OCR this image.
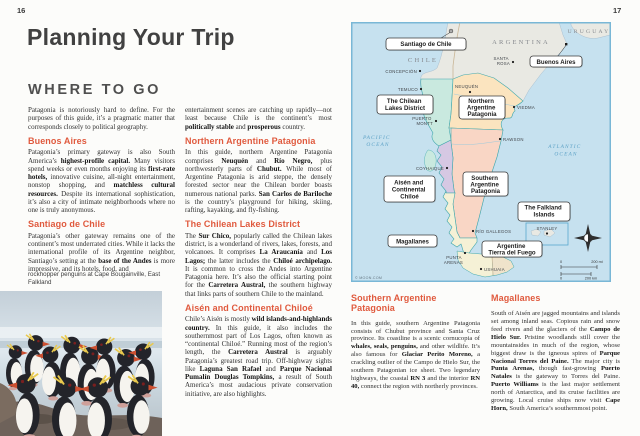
16	17
Planning Your Trip
WHERE TO GO

Patagonia is notoriously hard to define. For the purposes of this guide, it’s a pragmatic matter that corresponds closely to political geography.

Buenos Aires

Patagonia’s primary gateway is also South America’s highest-profile capital. Many visitors spend weeks or even months enjoying its first-rate hotels, innovative cuisine, all-night entertainment, nonstop shopping, and matchless cultural resources. Despite its international sophistication, it’s also a city of intimate neighborhoods where no one is truly anonymous.

Santiago de Chile

Patagonia’s other gateway remains one of the continent’s most underrated cities. While it lacks the international profile of its Argentine neighbor, Santiago’s setting at the base of the Andes is more impressive, and its hotels, food, and

entertainment scenes are catching up rapidly—not least because Chile is the continent’s most politically stable and prosperous country.

Northern Argentine Patagonia

In this guide, northern Argentine Patagonia comprises Neuquén and Río Negro, plus northwesterly parts of Chubut. While most of Argentine Patagonia is arid steppe, the densely forested sector near the Chilean border boasts numerous national parks. San Carlos de Bariloche is the country’s playground for hiking, skiing, rafting, kayaking, and fly-fishing.

The Chilean Lakes District

The Sur Chico, popularly called the Chilean lakes district, is a wonderland of rivers, lakes, forests, and volcanoes. It comprises La Araucanía and Los Lagos; the latter includes the Chiloé archipelago. It is common to cross the Andes into Argentine Patagonia here. It’s also the official starting point for the Carretera Austral, the southern highway that links parts of southern Chile to the mainland.

Aisén and Continental Chiloé

Chile’s Aisén is mostly wild islands-and-highlands country. In this guide, it also includes the southernmost part of Los Lagos, often known as “continental Chiloé.” Running most of the region’s length, the Carretera Austral is arguably Patagonia’s greatest road trip. Off-highway sights like Laguna San Rafael and Parque Nacional Pumalín Douglas Tompkins, a result of South America’s most audacious private conservation initiative, are also highlights.

rockhopper penguins at Cape Bougainville, East Falkland
CONCEPCIÓN
TEMUCO
NEUQUÉN
SANTA ROSA
VIEDMA
PUERTO MONTT
RAWSON
COYHAIQUE
RÍO GALLEGOS
PUNTA ARENAS
USHUAIA
STANLEY
CHILE
ARGENTINA
URUGUAY
PACIFIC OCEAN	ATLANTIC OCEAN
Santiago de Chile
Buenos Aires
The Chilean Lakes District
Northern Argentine Patagonia
Aisén and Continental Chiloé
Southern Argentine Patagonia
Magallanes
The Falkland Islands
Argentine Tierra del Fuego
0	200 mi
0	200 km
© MOON.COM
Southern Argentine Patagonia

In this guide, southern Argentine Patagonia consists of Chubut province and Santa Cruz province. Its coastline is a scenic cornucopia of whales, seals, penguins, and other wildlife. It’s also famous for Glaciar Perito Moreno, a crackling outlier of the Campo de Hielo Sur, the southern Patagonian ice sheet. Two legendary highways, the coastal RN 3 and the interior RN 40, connect the region with northerly provinces.

Magallanes

South of Aisén are jagged mountains and islands set among inland seas. Copious rain and snow feed rivers and the glaciers of the Campo de Hielo Sur. Pristine woodlands still cover the mountainsides in much of the region, whose biggest draw is the igneous spires of Parque Nacional Torres del Paine. The major city is Punta Arenas, though fast-growing Puerto Natales is the gateway to Torres del Paine. Puerto Williams is the last major settlement north of Antarctica, and its cruise facilities are growing. Local cruise ships now visit Cape Horn, South America’s southernmost point.
